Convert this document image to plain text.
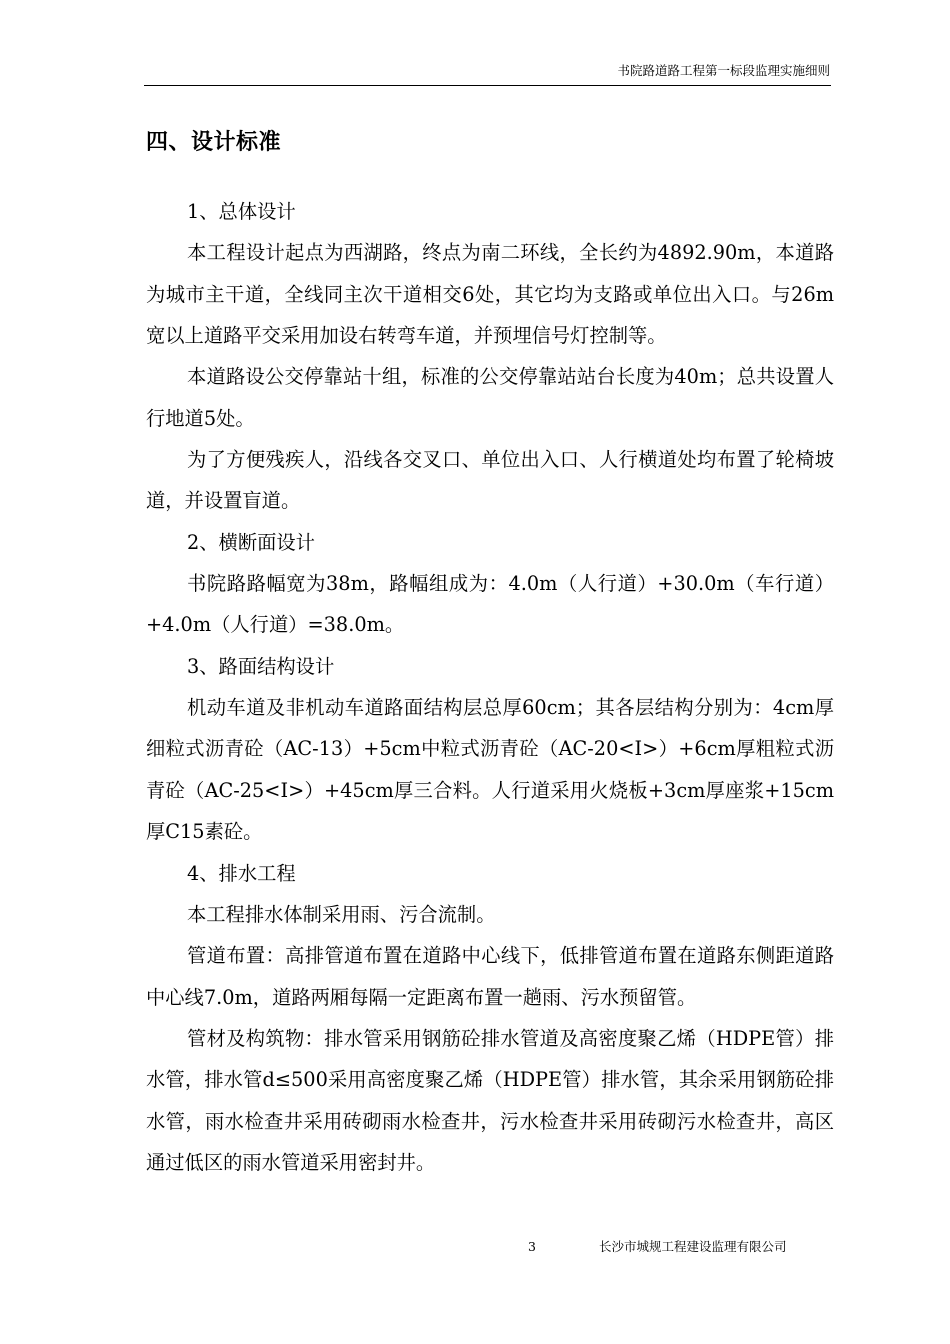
书院路道路工程第一标段监理实施细则
四、设计标准

1、总体设计

本工程设计起点为西湖路，终点为南二环线，全长约为4892.90m，本道路为城市主干道，全线同主次干道相交6处，其它均为支路或单位出入口。与26m宽以上道路平交采用加设右转弯车道，并预埋信号灯控制等。

本道路设公交停靠站十组，标准的公交停靠站站台长度为40m；总共设置人行地道5处。

为了方便残疾人，沿线各交叉口、单位出入口、人行横道处均布置了轮椅坡道，并设置盲道。

2、横断面设计

书院路路幅宽为38m，路幅组成为：4.0m（人行道）+30.0m（车行道）+4.0m（人行道）=38.0m。

3、路面结构设计

机动车道及非机动车道路面结构层总厚60cm；其各层结构分别为：4cm厚细粒式沥青砼（AC-13）+5cm中粒式沥青砼（AC-20<I>）+6cm厚粗粒式沥青砼（AC-25<I>）+45cm厚三合料。人行道采用火烧板+3cm厚座浆+15cm厚C15素砼。

4、排水工程

本工程排水体制采用雨、污合流制。

管道布置：高排管道布置在道路中心线下，低排管道布置在道路东侧距道路中心线7.0m，道路两厢每隔一定距离布置一趟雨、污水预留管。

管材及构筑物：排水管采用钢筋砼排水管道及高密度聚乙烯（HDPE管）排水管，排水管d≤500采用高密度聚乙烯（HDPE管）排水管，其余采用钢筋砼排水管，雨水检查井采用砖砌雨水检查井，污水检查井采用砖砌污水检查井，高区通过低区的雨水管道采用密封井。

3	长沙市城规工程建设监理有限公司
